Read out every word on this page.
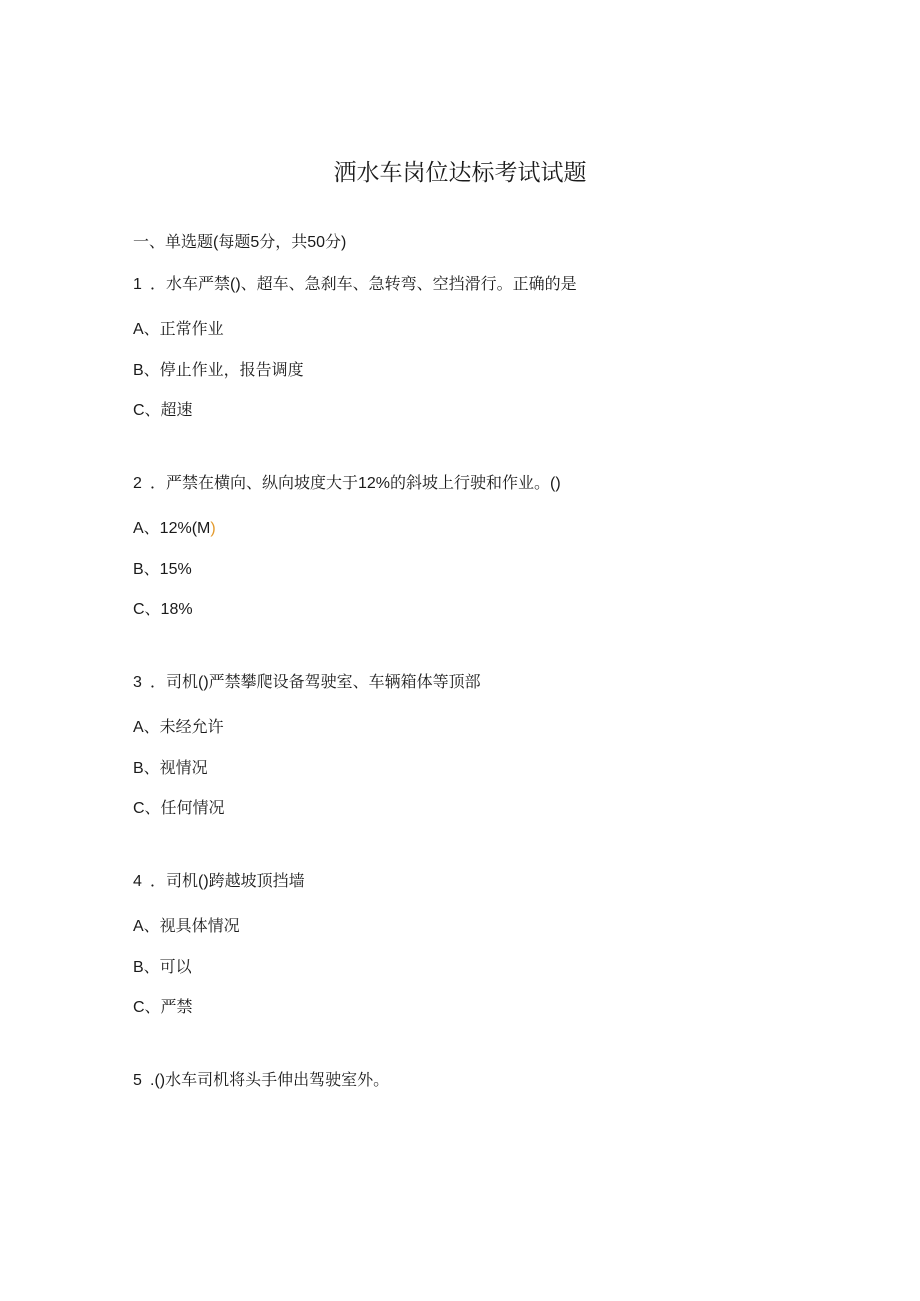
洒水车岗位达标考试试题
一、单选题(每题5分，共50分)
1 ．水车严禁()、超车、急刹车、急转弯、空挡滑行。正确的是
A、正常作业
B、停止作业，报告调度
C、超速
2 ．严禁在横向、纵向坡度大于12%的斜坡上行驶和作业。()
A、12%(M)
B、15%
C、18%
3 ．司机()严禁攀爬设备驾驶室、车辆箱体等顶部
A、未经允许
B、视情况
C、任何情况
4 ．司机()跨越坡顶挡墙
A、视具体情况
B、可以
C、严禁
5 .()水车司机将头手伸出驾驶室外。
